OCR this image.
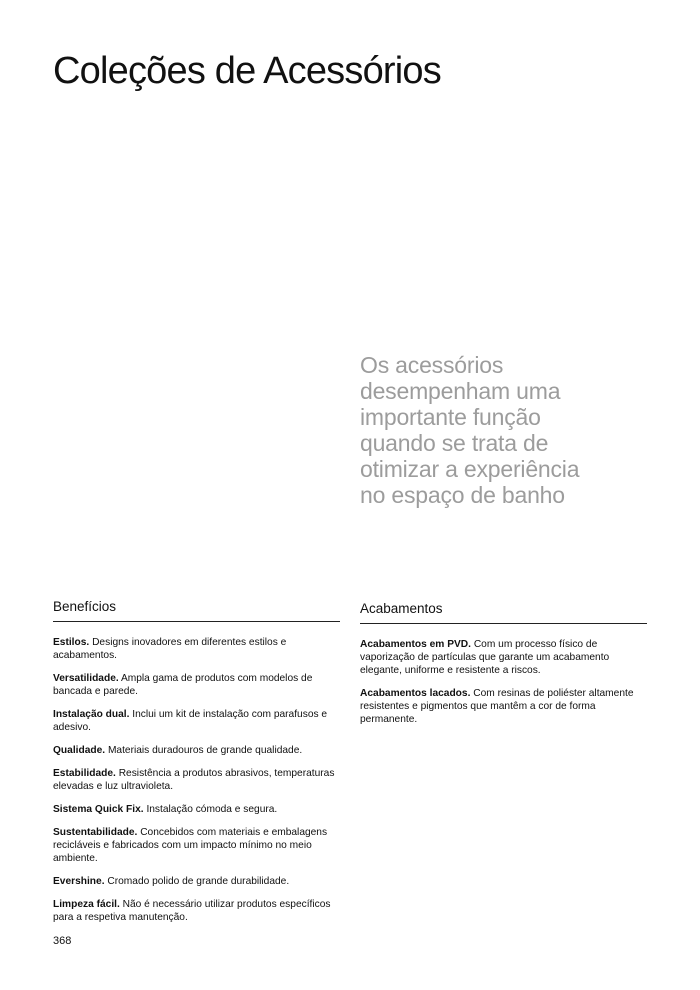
Coleções de Acessórios

Os acessórios
desempenham uma
importante função
quando se trata de
otimizar a experiência
no espaço de banho

Benefícios
Estilos. Designs inovadores em diferentes estilos e acabamentos.
Versatilidade. Ampla gama de produtos com modelos de bancada e parede.
Instalação dual. Inclui um kit de instalação com parafusos e adesivo.
Qualidade. Materiais duradouros de grande qualidade.
Estabilidade. Resistência a produtos abrasivos, temperaturas elevadas e luz ultravioleta.
Sistema Quick Fix. Instalação cómoda e segura.
Sustentabilidade. Concebidos com materiais e embalagens recicláveis e fabricados com um impacto mínimo no meio ambiente.
Evershine. Cromado polido de grande durabilidade.
Limpeza fácil. Não é necessário utilizar produtos específicos para a respetiva manutenção.
Acabamentos
Acabamentos em PVD. Com um processo físico de vaporização de partículas que garante um acabamento elegante, uniforme e resistente a riscos.
Acabamentos lacados. Com resinas de poliéster altamente resistentes e pigmentos que mantêm a cor de forma permanente.
368
